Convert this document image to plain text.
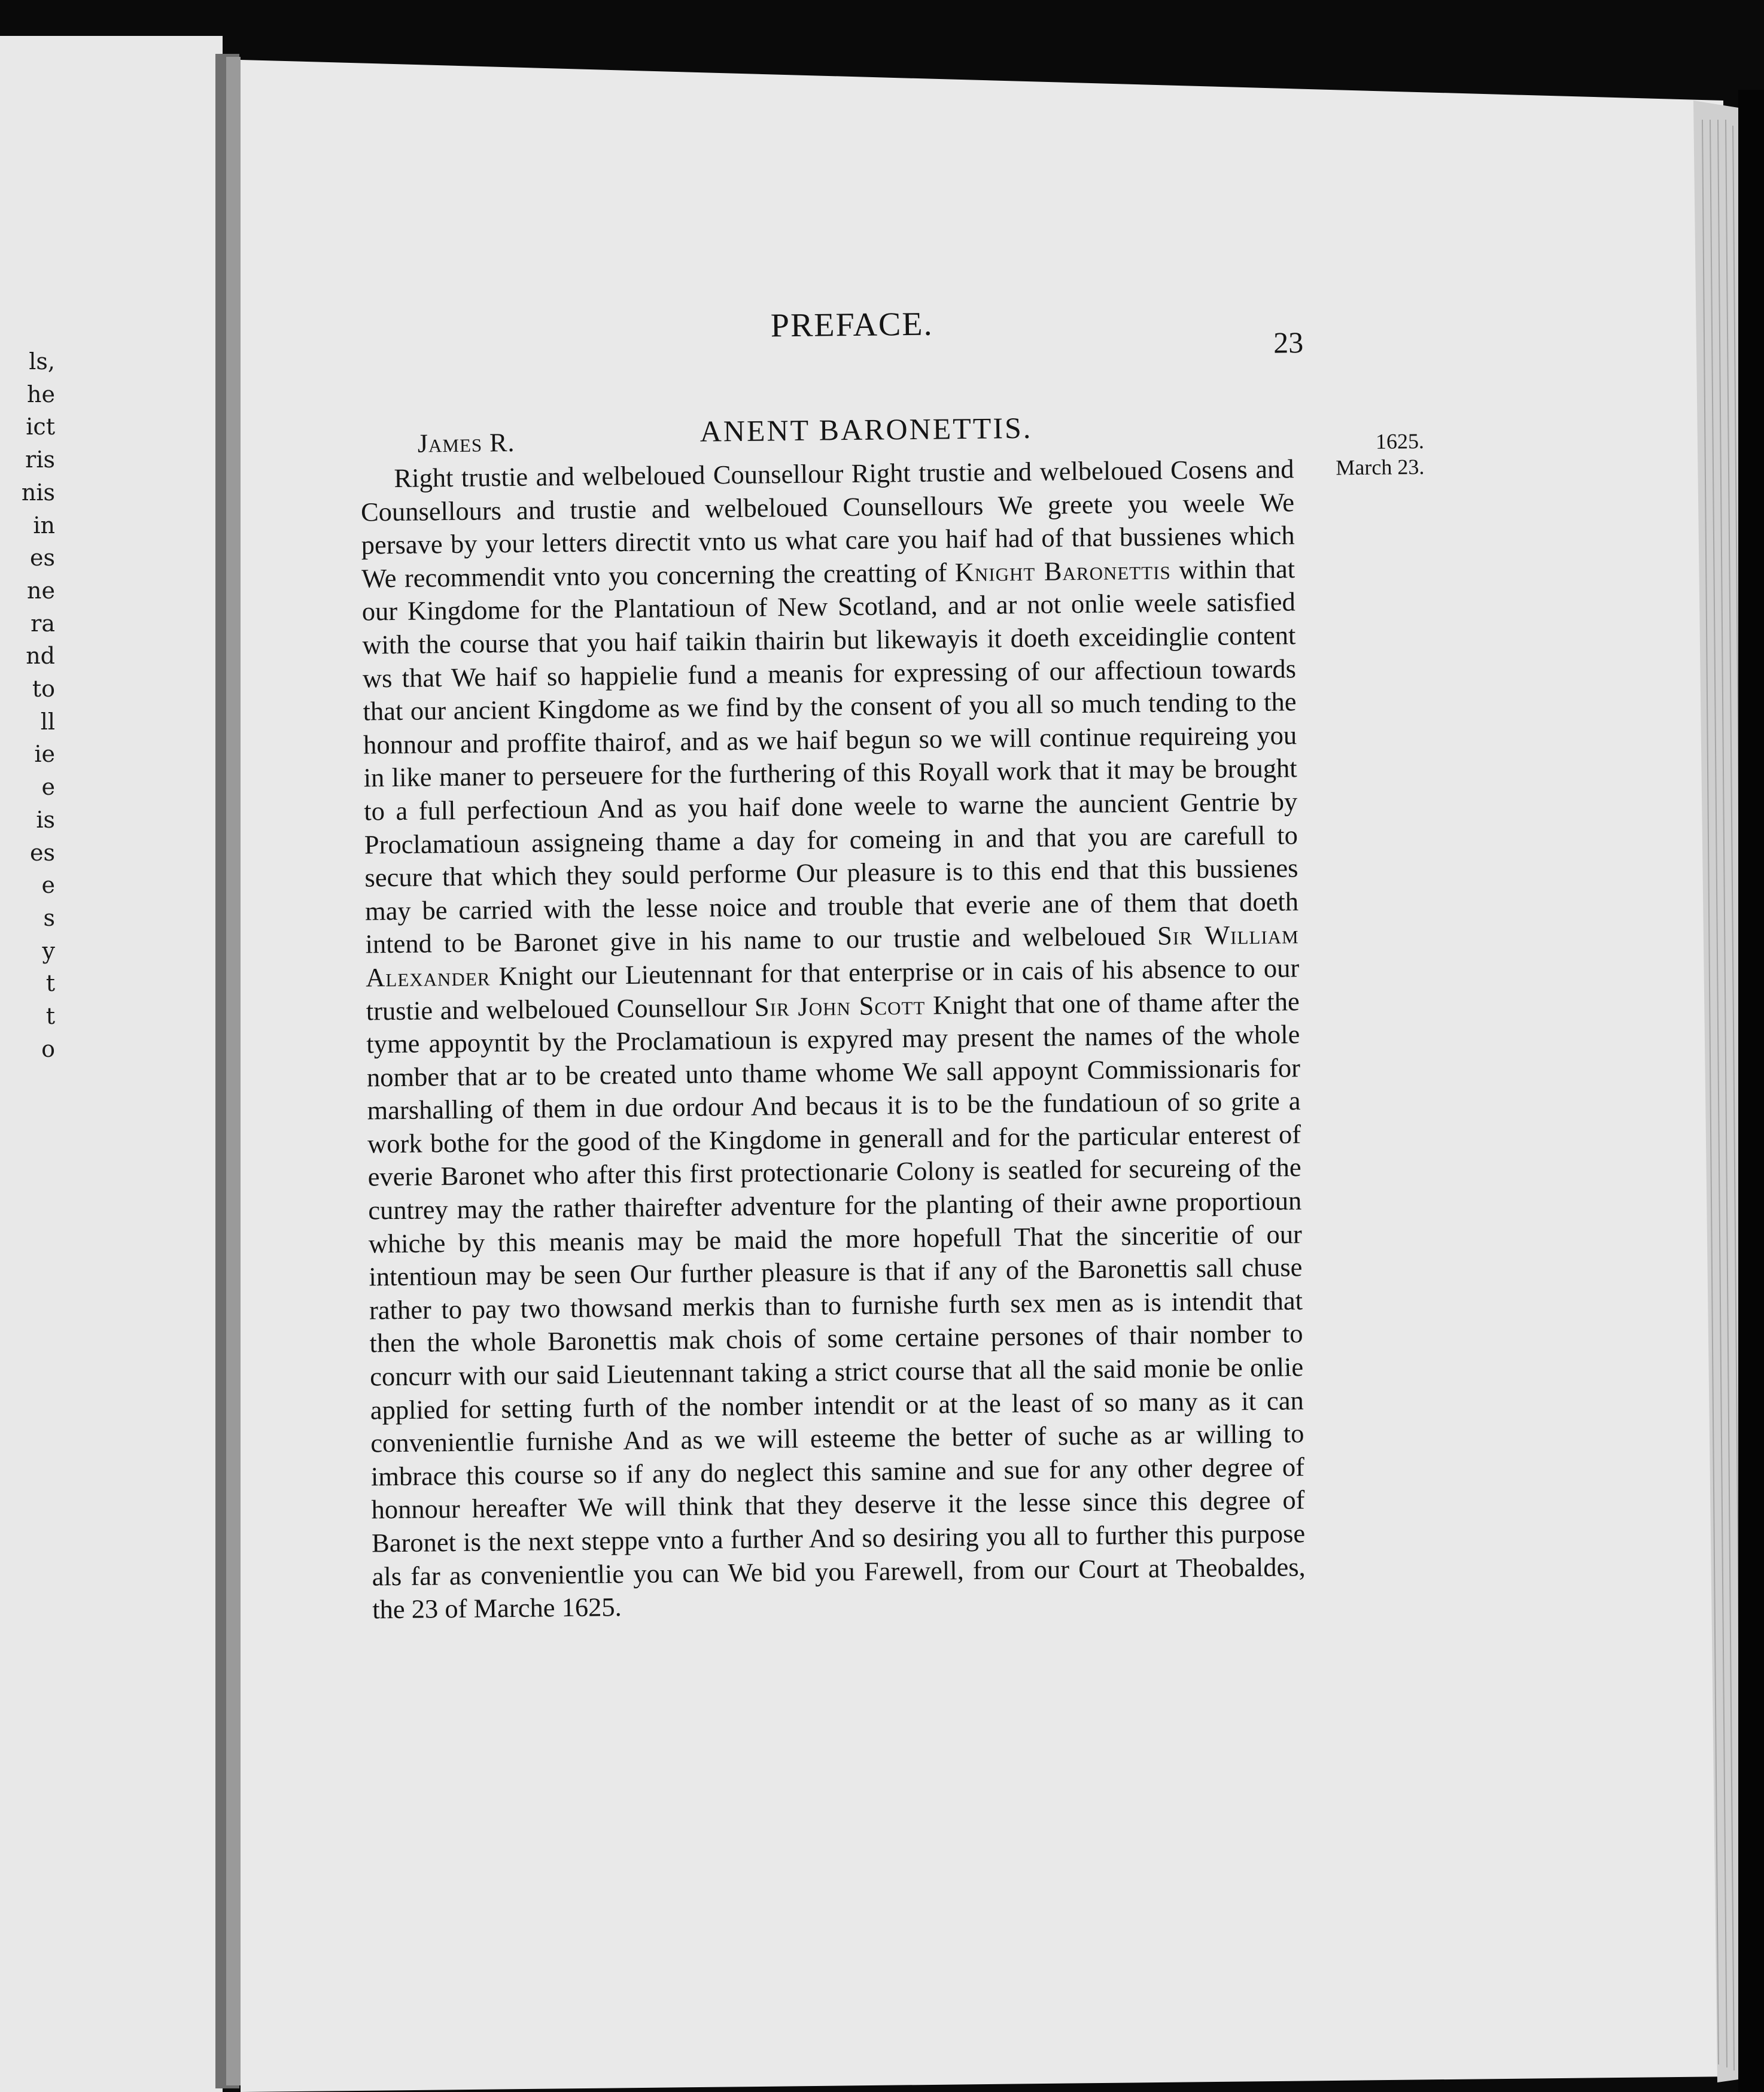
ls,
he
ict
ris
nis
in
es
ne
ra
nd
to
ll
ie
e
is
es
e
s
y
t
t
o
PREFACE.	23
ANENT BARONETTIS.
James R.	1625.
March 23.

Right trustie and welbeloued Counsellour Right trustie and welbeloued Cosens and Counsellours and trustie and welbeloued Counsellours We greete you weele We persave by your letters directit vnto us what care you haif had of that bussienes which We recommendit vnto you concerning the creatting of Knight Baronettis within that our Kingdome for the Plantatioun of New Scotland, and ar not onlie weele satisfied with the course that you haif taikin thairin but likewayis it doeth exceidinglie content ws that We haif so happielie fund a meanis for expressing of our affectioun towards that our ancient Kingdome as we find by the consent of you all so much tending to the honnour and proffite thairof, and as we haif begun so we will continue requireing you in like maner to perseuere for the furthering of this Royall work that it may be brought to a full perfectioun And as you haif done weele to warne the auncient Gentrie by Proclamatioun assigneing thame a day for comeing in and that you are carefull to secure that which they sould performe Our pleasure is to this end that this bussienes may be carried with the lesse noice and trouble that everie ane of them that doeth intend to be Baronet give in his name to our trustie and welbeloued Sir William Alexander Knight our Lieutennant for that enterprise or in cais of his absence to our trustie and welbeloued Counsellour Sir John Scott Knight that one of thame after the tyme appoyntit by the Proclamatioun is expyred may present the names of the whole nomber that ar to be created unto thame whome We sall appoynt Commissionaris for marshalling of them in due ordour And becaus it is to be the fundatioun of so grite a work bothe for the good of the Kingdome in generall and for the particular enterest of everie Baronet who after this first protectionarie Colony is seatled for secureing of the cuntrey may the rather thairefter adventure for the planting of their awne proportioun whiche by this meanis may be maid the more hopefull That the sinceritie of our intentioun may be seen Our further pleasure is that if any of the Baronettis sall chuse rather to pay two thowsand merkis than to furnishe furth sex men as is intendit that then the whole Baronettis mak chois of some certaine persones of thair nomber to concurr with our said Lieutennant taking a strict course that all the said monie be onlie applied for setting furth of the nomber intendit or at the least of so many as it can convenientlie furnishe And as we will esteeme the better of suche as ar willing to imbrace this course so if any do neglect this samine and sue for any other degree of honnour hereafter We will think that they deserve it the lesse since this degree of Baronet is the next steppe vnto a further And so desiring you all to further this purpose als far as convenientlie you can We bid you Farewell, from our Court at Theobaldes, the 23 of Marche 1625.
